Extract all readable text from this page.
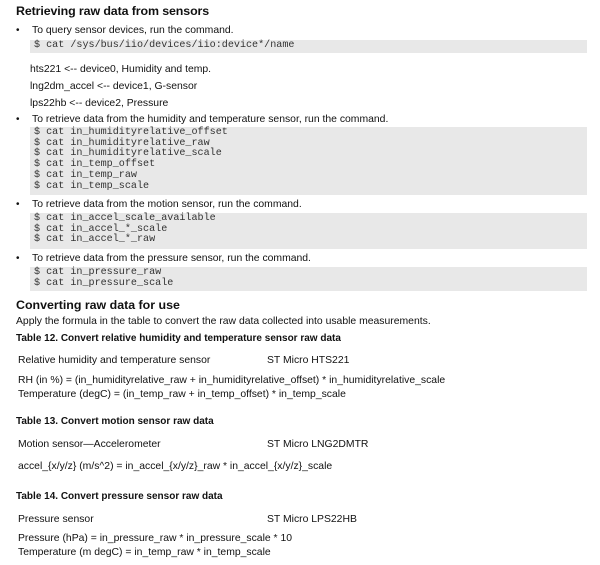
Retrieving raw data from sensors
•	To query sensor devices, run the command.
$ cat /sys/bus/iio/devices/iio:device*/name
hts221 <-- device0, Humidity and temp.
lng2dm_accel <-- device1, G-sensor
lps22hb <-- device2, Pressure
•	To retrieve data from the humidity and temperature sensor, run the command.
$ cat in_humidityrelative_offset
$ cat in_humidityrelative_raw
$ cat in_humidityrelative_scale
$ cat in_temp_offset
$ cat in_temp_raw
$ cat in_temp_scale
•	To retrieve data from the motion sensor, run the command.
$ cat in_accel_scale_available
$ cat in_accel_*_scale
$ cat in_accel_*_raw
•	To retrieve data from the pressure sensor, run the command.
$ cat in_pressure_raw
$ cat in_pressure_scale
Converting raw data for use
Apply the formula in the table to convert the raw data collected into usable measurements.
Table 12. Convert relative humidity and temperature sensor raw data
Relative humidity and temperature sensor	ST Micro HTS221
RH (in %) = (in_humidityrelative_raw + in_humidityrelative_offset) * in_humidityrelative_scale
Temperature (degC) = (in_temp_raw + in_temp_offset) * in_temp_scale
Table 13. Convert motion sensor raw data
Motion sensor—Accelerometer	ST Micro LNG2DMTR
accel_{x/y/z} (m/s^2) = in_accel_{x/y/z}_raw * in_accel_{x/y/z}_scale
Table 14. Convert pressure sensor raw data
Pressure sensor	ST Micro LPS22HB
Pressure (hPa) = in_pressure_raw * in_pressure_scale * 10
Temperature (m degC) = in_temp_raw * in_temp_scale
